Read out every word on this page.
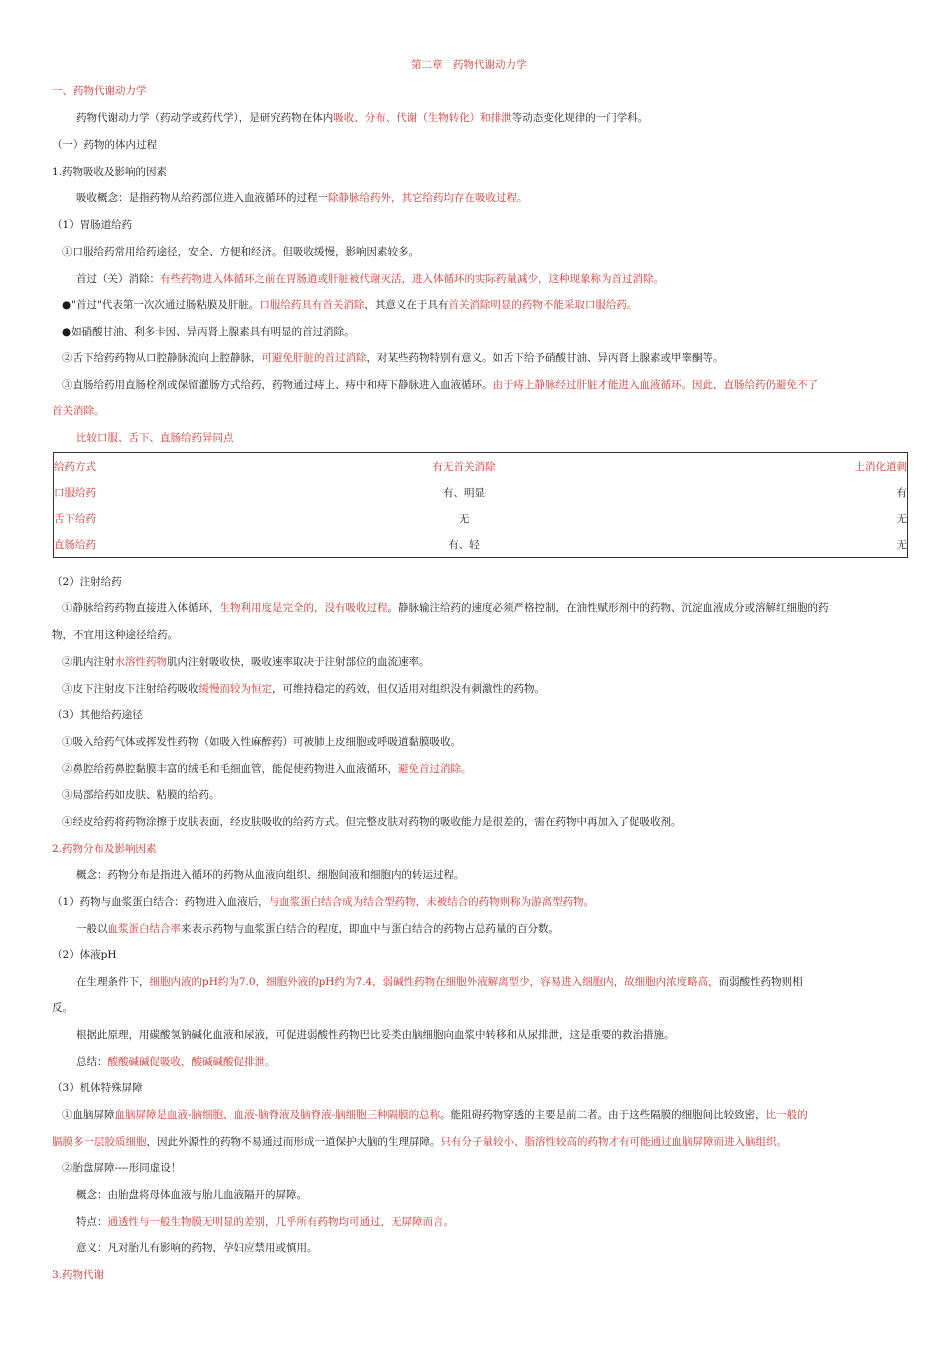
第二章　药物代谢动力学
一、药物代谢动力学
药物代谢动力学（药动学或药代学），是研究药物在体内吸收、分布、代谢（生物转化）和排泄等动态变化规律的一门学科。
（一）药物的体内过程
1.药物吸收及影响的因素
吸收概念：是指药物从给药部位进入血液循环的过程一除静脉给药外，其它给药均存在吸收过程。
（1）胃肠道给药
①口服给药常用给药途径，安全、方便和经济。但吸收缓慢，影响因素较多。
首过（关）消除：有些药物进入体循环之前在胃肠道或肝脏被代谢灭活，进入体循环的实际药量减少，这种现象称为首过消除。
●"首过"代表第一次次通过肠粘膜及肝脏。口服给药具有首关消除，其意义在于具有首关消除明显的药物不能采取口服给药。
●如硝酸甘油、利多卡因、异丙肾上腺素具有明显的首过消除。
②舌下给药药物从口腔静脉流向上腔静脉，可避免肝脏的首过消除，对某些药物特别有意义。如舌下给予硝酸甘油、异丙肾上腺素或甲睾酮等。
③直肠给药用直肠栓剂或保留灌肠方式给药，药物通过痔上、痔中和痔下静脉进入血液循环。由于痔上静脉经过肝脏才能进入血液循环。因此，直肠给药仍避免不了
首关消除。
比较口服、舌下、直肠给药异同点
（2）注射给药
①静脉给药药物直接进入体循环，生物利用度是完全的，没有吸收过程。静脉输注给药的速度必须严格控制，在油性赋形剂中的药物、沉淀血液成分或溶解红细胞的药
物，不宜用这种途径给药。
②肌内注射水溶性药物肌内注射吸收快，吸收速率取决于注射部位的血流速率。
③皮下注射皮下注射给药吸收缓慢而较为恒定，可维持稳定的药效，但仅适用对组织没有刺激性的药物。
（3）其他给药途径
①吸入给药气体或挥发性药物（如吸入性麻醉药）可被肺上皮细胞或呼吸道黏膜吸收。
②鼻腔给药鼻腔黏膜丰富的绒毛和毛细血管，能促使药物进入血液循环，避免首过消除。
③局部给药如皮肤、粘膜的给药。
④经皮给药将药物涂擦于皮肤表面，经皮肤吸收的给药方式。但完整皮肤对药物的吸收能力是很差的，需在药物中再加入了促吸收剂。
2.药物分布及影响因素
概念：药物分布是指进入循环的药物从血液向组织、细胞间液和细胞内的转运过程。
（1）药物与血浆蛋白结合：药物进入血液后，与血浆蛋白结合成为结合型药物，未被结合的药物则称为游离型药物。
一般以血浆蛋白结合率来表示药物与血浆蛋白结合的程度，即血中与蛋白结合的药物占总药量的百分数。
（2）体液pH
在生理条件下，细胞内液的pH约为7.0，细胞外液的pH约为7.4，弱碱性药物在细胞外液解离型少，容易进入细胞内，故细胞内浓度略高，而弱酸性药物则相
反。
根据此原理，用碳酸氢钠碱化血液和尿液，可促进弱酸性药物巴比妥类由脑细胞向血浆中转移和从尿排泄，这是重要的救治措施。
总结：酸酸碱碱促吸收，酸碱碱酸促排泄。
（3）机体特殊屏障
①血脑屏障血脑屏障是血液-脑细胞、血液-脑脊液及脑脊液-脑细胞三种隔膜的总称。能阻碍药物穿透的主要是前二者。由于这些隔膜的细胞间比较致密，比一般的
膈膜多一层胶质细胞，因此外源性的药物不易通过而形成一道保护大脑的生理屏障。只有分子量较小、脂溶性较高的药物才有可能通过血脑屏障而进入脑组织。
②胎盘屏障----形同虚设！
概念：由胎盘将母体血液与胎儿血液隔开的屏障。
特点：通透性与一般生物膜无明显的差别，几乎所有药物均可通过，无屏障而言。
意义：凡对胎儿有影响的药物，孕妇应禁用或慎用。
3.药物代谢
给药方式	有无首关消除	上消化道刺
口服给药	有、明显	有
舌下给药	无	无
直肠给药	有、轻	无
